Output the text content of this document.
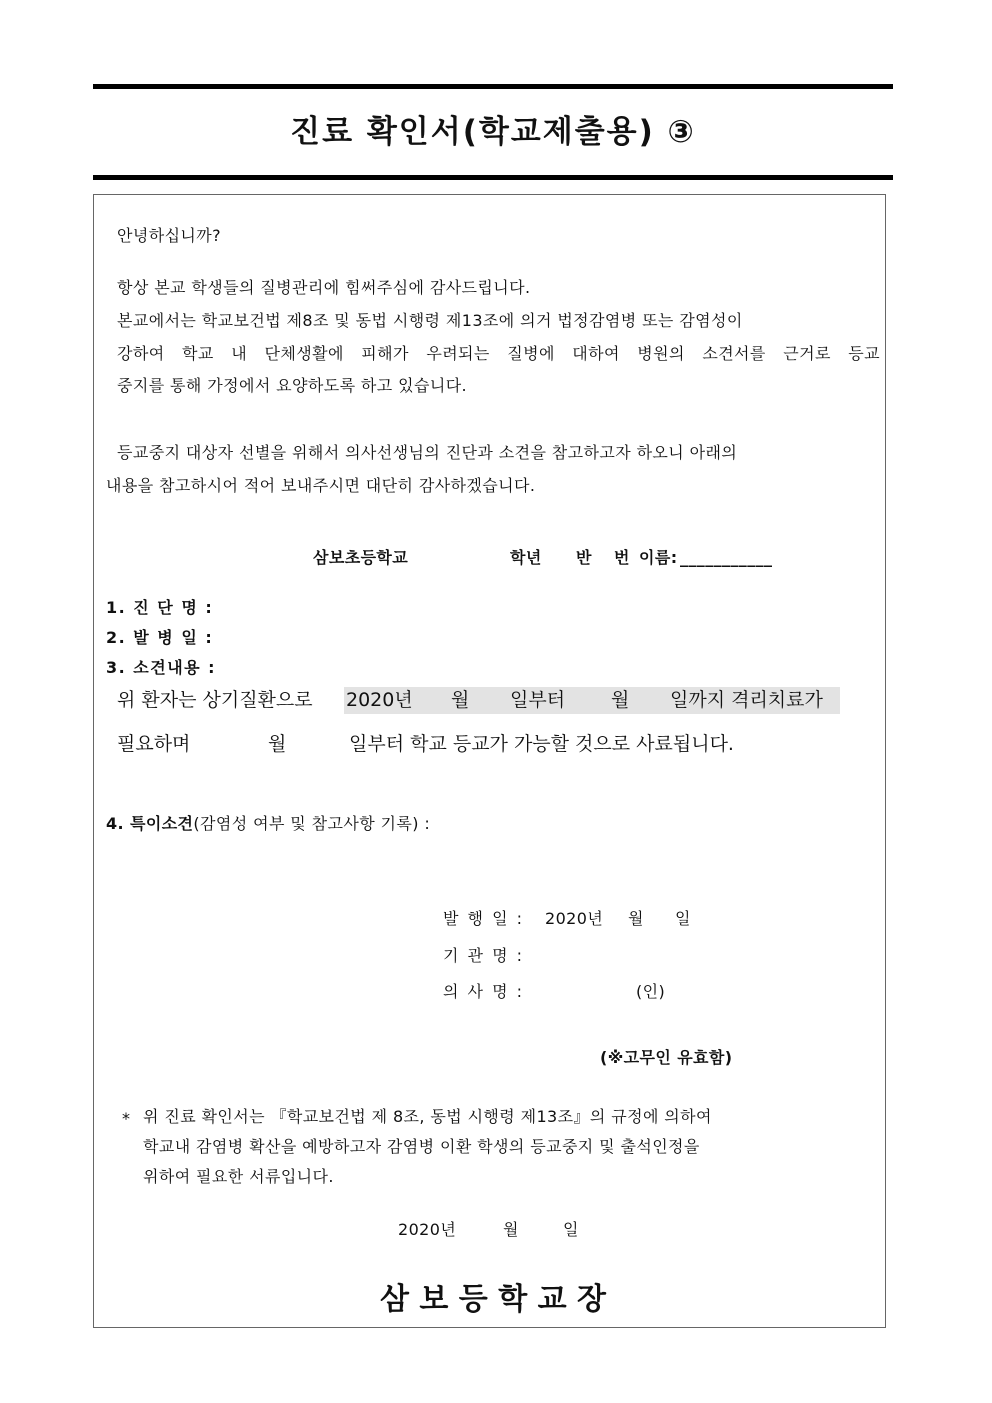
진료 확인서(학교제출용) ③
안녕하십니까?
항상 본교 학생들의 질병관리에 힘써주심에 감사드립니다.
본교에서는 학교보건법 제8조 및 동법 시행령 제13조에 의거 법정감염병 또는 감염성이
강하여 학교 내 단체생활에 피해가 우려되는 질병에 대하여 병원의 소견서를 근거로 등교
중지를 통해 가정에서 요양하도록 하고 있습니다.
등교중지 대상자 선별을 위해서 의사선생님의 진단과 소견을 참고하고자 하오니 아래의
내용을 참고하시어 적어 보내주시면 대단히 감사하겠습니다.
삼보초등학교	학년 반 번 이름: ___________
1. 진 단 명 :
2. 발 병 일 :
3. 소견내용 :
위 환자는 상기질환으로 2020년 월 일부터 월 일까지 격리치료가
필요하며	월	일부터 학교 등교가 가능할 것으로 사료됩니다.
4. 특이소견(감염성 여부 및 참고사항 기록) :
발 행 일 : 2020년 월 일
기 관 명 :
의 사 명 :	(인)
(※고무인 유효함)
* 위 진료 확인서는 『학교보건법 제 8조, 동법 시행령 제13조』의 규정에 의하여
학교내 감염병 확산을 예방하고자 감염병 이환 학생의 등교중지 및 출석인정을
위하여 필요한 서류입니다.
2020년	월	일
삼 보 등 학 교 장
